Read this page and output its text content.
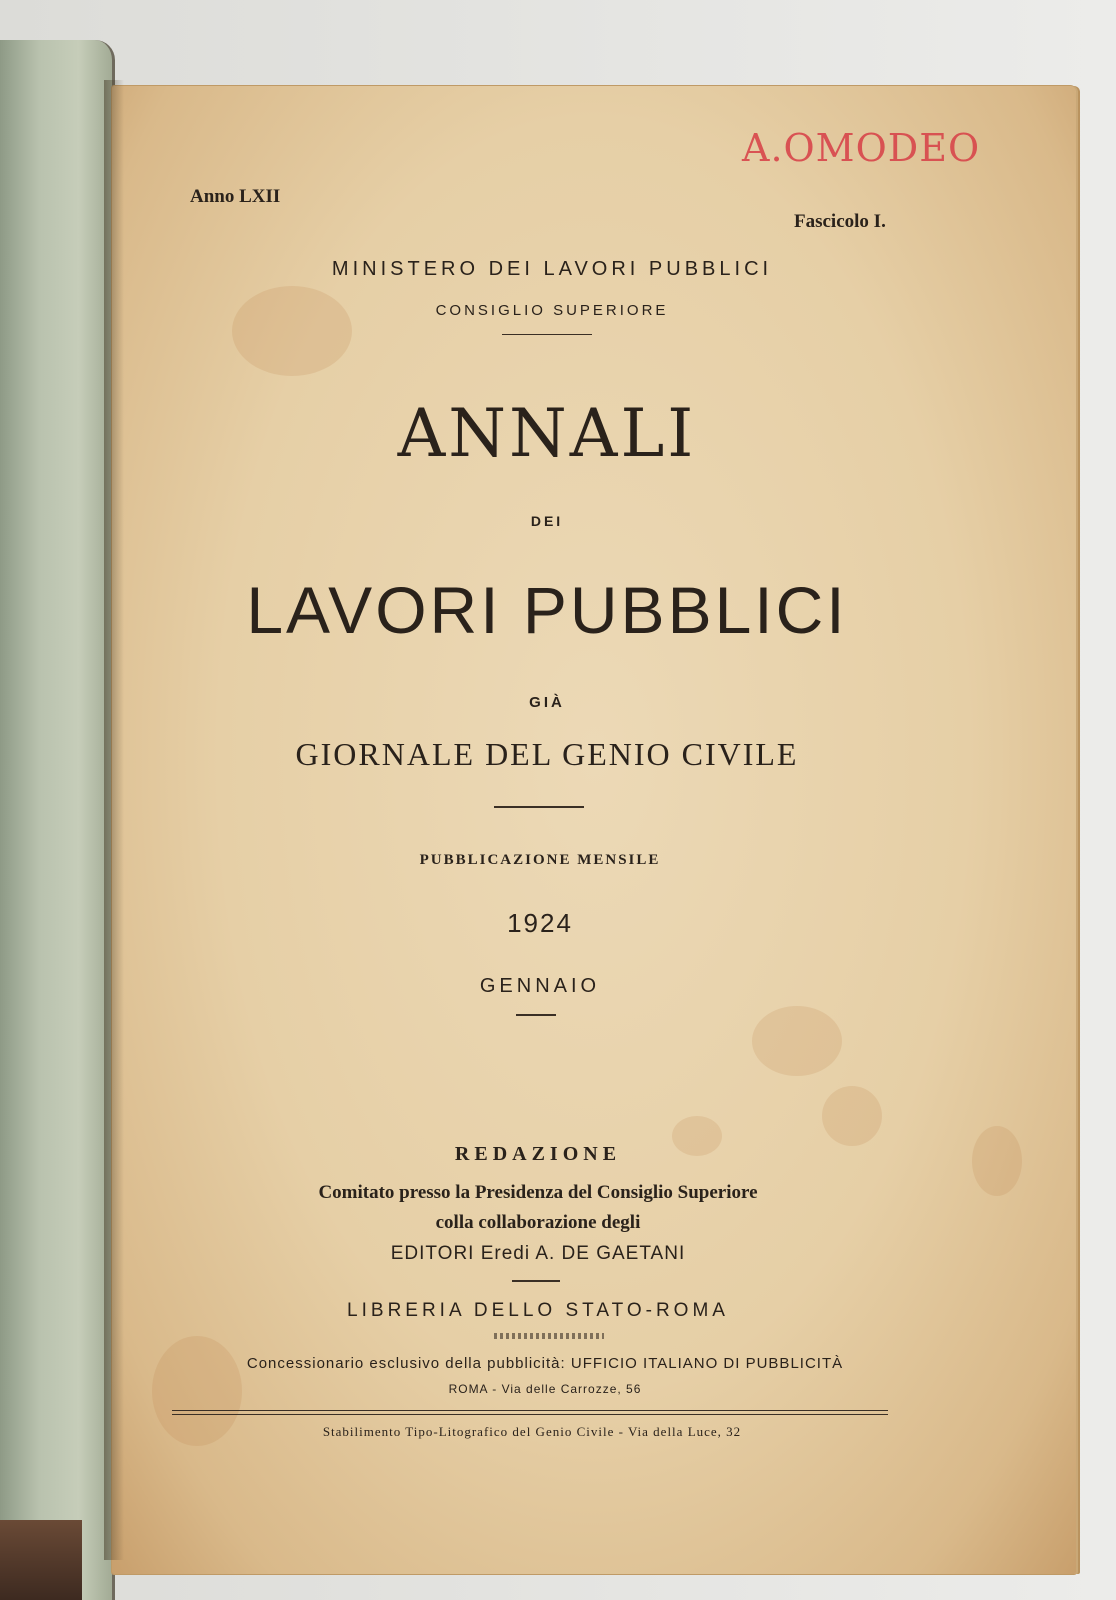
A.OMODEO
Anno LXII
Fascicolo I.
MINISTERO DEI LAVORI PUBBLICI
CONSIGLIO SUPERIORE
ANNALI
DEI
LAVORI PUBBLICI
GIÀ
GIORNALE DEL GENIO CIVILE
PUBBLICAZIONE MENSILE
1924
GENNAIO
REDAZIONE
Comitato presso la Presidenza del Consiglio Superiore
colla collaborazione degli
EDITORI Eredi A. DE GAETANI
LIBRERIA DELLO STATO-ROMA
Concessionario esclusivo della pubblicità: UFFICIO ITALIANO DI PUBBLICITÀ
ROMA - Via delle Carrozze, 56
Stabilimento Tipo-Litografico del Genio Civile - Via della Luce, 32
